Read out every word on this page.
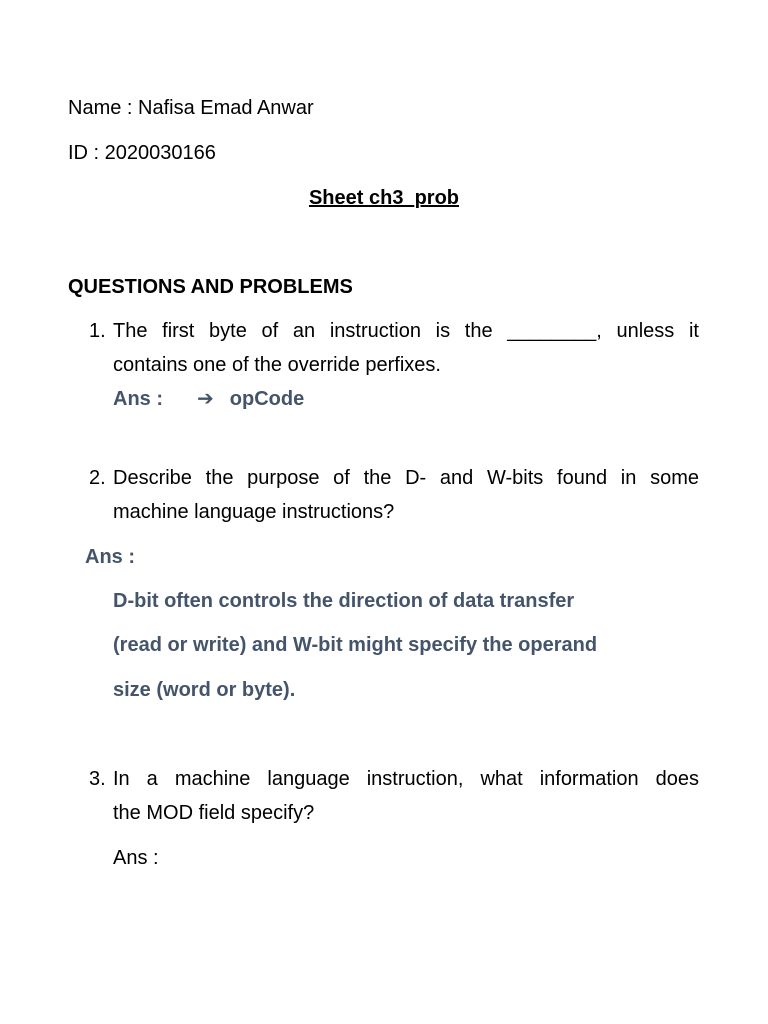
Name : Nafisa Emad Anwar
ID : 2020030166
Sheet ch3_prob
QUESTIONS AND PROBLEMS
1. The first byte of an instruction is the ________, unless it
contains one of the override perfixes.
Ans : ➔ opCode
2. Describe the purpose of the D- and W-bits found in some
machine language instructions?
Ans :
D-bit often controls the direction of data transfer
(read or write) and W-bit might specify the operand
size (word or byte).
3. In a machine language instruction, what information does
the MOD field specify?
Ans :
